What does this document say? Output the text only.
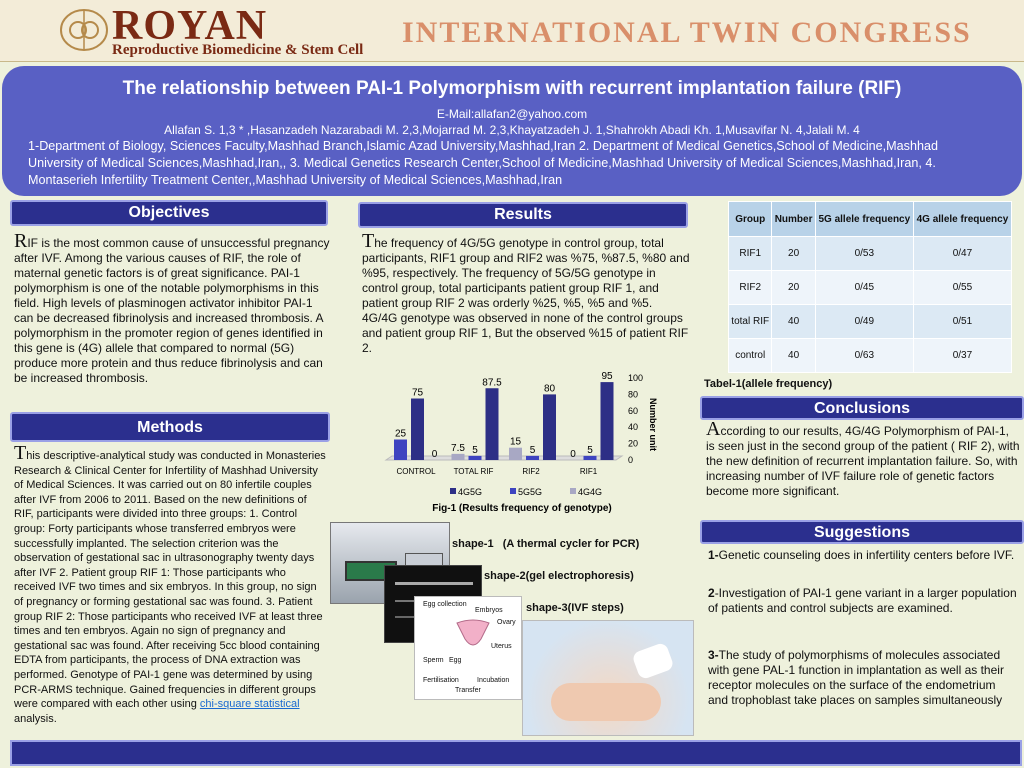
ROYAN	INTERNATIONAL TWIN CONGRESS
Reproductive Biomedicine & Stem Cell
The relationship between PAI-1 Polymorphism with recurrent implantation failure (RIF)
E-Mail:allafan2@yahoo.com
Allafan S. 1,3 * ,Hasanzadeh Nazarabadi M. 2,3,Mojarrad M. 2,3,Khayatzadeh J. 1,Shahrokh Abadi Kh. 1,Musavifar N. 4,Jalali M. 4
1-Department of Biology, Sciences Faculty,Mashhad Branch,Islamic Azad University,Mashhad,Iran 2. Department of Medical Genetics,School of Medicine,Mashhad University of Medical Sciences,Mashhad,Iran,, 3. Medical Genetics Research Center,School of Medicine,Mashhad University of Medical Sciences,Mashhad,Iran, 4. Montaserieh Infertility Treatment Center,,Mashhad University of Medical Sciences,Mashhad,Iran
Objectives
RIF is the most common cause of unsuccessful pregnancy after IVF. Among the various causes of RIF, the role of maternal genetic factors is of great significance. PAI-1 polymorphism is one of the notable polymorphisms in this field. High levels of plasminogen activator inhibitor PAI-1 can be decreased fibrinolysis and increased thrombosis. A polymorphism in the promoter region of genes identified in this gene is (4G) allele that compared to normal (5G) produce more protein and thus reduce fibrinolysis and can be increased thrombosis.
Methods
This descriptive-analytical study was conducted in Monasteries Research & Clinical Center for Infertility of Mashhad University of Medical Sciences. It was carried out on 80 infertile couples after IVF from 2006 to 2011. Based on the new definitions of RIF, participants were divided into three groups: 1. Control group: Forty participants whose transferred embryos were successfully implanted. The selection criterion was the observation of gestational sac in ultrasonography twenty days after IVF 2. Patient group RIF 1: Those participants who received IVF two times and six embryos. In this group, no sign of pregnancy or forming gestational sac was found. 3. Patient group RIF 2: Those participants who received IVF at least three times and ten embryos. Again no sign of pregnancy and gestational sac was found. After receiving 5cc blood containing EDTA from participants, the process of DNA extraction was performed. Genotype of PAI-1 gene was determined by using PCR-ARMS technique. Gained frequencies in different groups were compared with each other using chi-square statistical analysis.
Results
The frequency of 4G/5G genotype in control group, total participants, RIF1 group and RIF2 was %75, %87.5, %80 and %95, respectively. The frequency of 5G/5G genotype in control group, total participants patient group RIF 1, and patient group RIF 2 was orderly %25, %5, %5 and %5.
4G/4G genotype was observed in none of the control groups and patient group RIF 1, But the observed %15 of patient RIF 2.
25
75
0
CONTROL
7.5 5
87.5
TOTAL RIF
15
5
80
RIF2
0 5
95
RIF1
0
20
40
60
80
100
Number unit
4G5G	5G5G	4G4G
Fig-1 (Results frequency of genotype)
Group	Number	5G allele frequency	4G allele frequency
RIF1	20	0/53	0/47
RIF2	20	0/45	0/55
total RIF	40	0/49	0/51
control	40	0/63	0/37
Tabel-1(allele frequency)
Conclusions
According to our results, 4G/4G Polymorphism of PAI-1, is seen just in the second group of the patient ( RIF 2), with the new definition of recurrent implantation failure. So, with increasing number of IVF failure role of genetic factors become more significant.
Suggestions
1-Genetic counseling does in infertility centers before IVF.
2-Investigation of PAI-1 gene variant in a larger population of patients and control subjects are examined.
3-The study of polymorphisms of molecules associated with gene PAL-1 function in implantation as well as their receptor molecules on the surface of the endometrium and trophoblast take places on samples simultaneously
shape-1 (A thermal cycler for PCR)
shape-2(gel electrophoresis)
Egg collection
Embryos
Ovary
Uterus
Sperm Egg
Fertilisation
Transfer
Incubation
shape-3(IVF steps)
